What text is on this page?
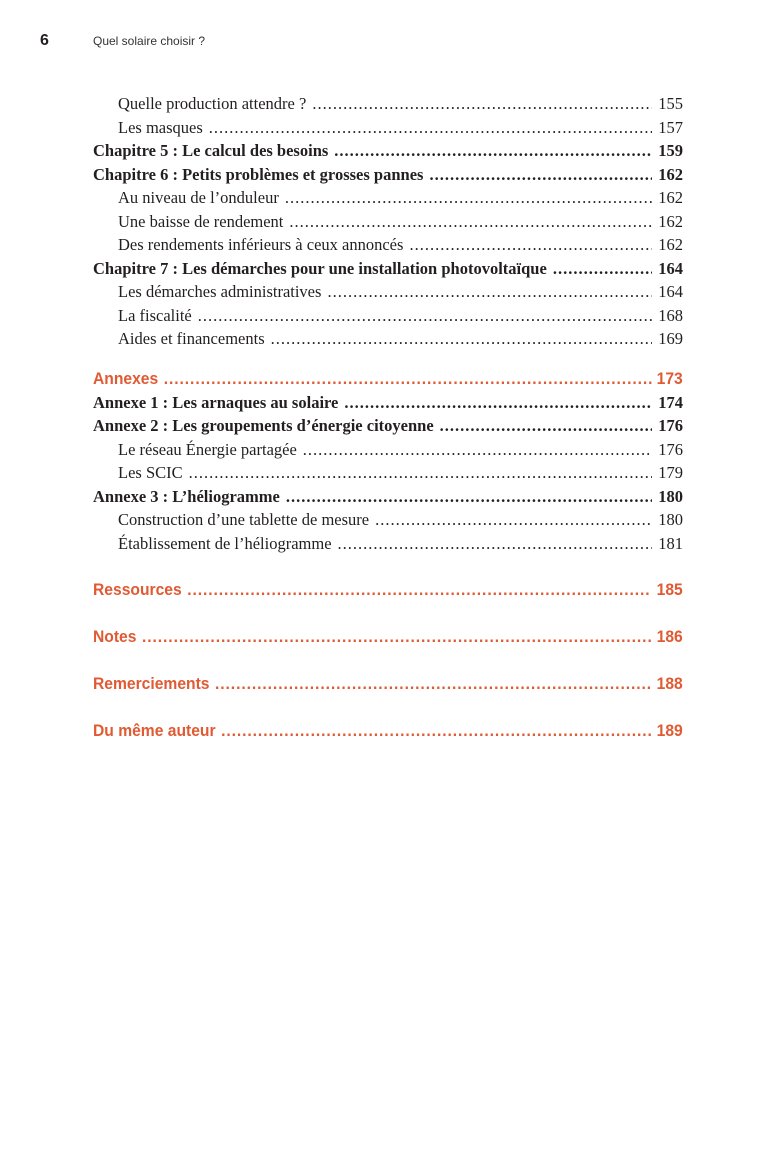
6	Quel solaire choisir ?
Quelle production attendre ? .....	155
Les masques .....	157
Chapitre 5 : Le calcul des besoins .....	159
Chapitre 6 : Petits problèmes et grosses pannes .....	162
Au niveau de l’onduleur .....	162
Une baisse de rendement .....	162
Des rendements inférieurs à ceux annoncés .....	162
Chapitre 7 : Les démarches pour une installation photovoltaïque .....	164
Les démarches administratives .....	164
La fiscalité .....	168
Aides et financements .....	169
Annexes .....	173
Annexe 1 : Les arnaques au solaire .....	174
Annexe 2 : Les groupements d’énergie citoyenne .....	176
Le réseau Énergie partagée .....	176
Les SCIC .....	179
Annexe 3 : L’héliogramme .....	180
Construction d’une tablette de mesure .....	180
Établissement de l’héliogramme .....	181
Ressources .....	185
Notes .....	186
Remerciements .....	188
Du même auteur .....	189
